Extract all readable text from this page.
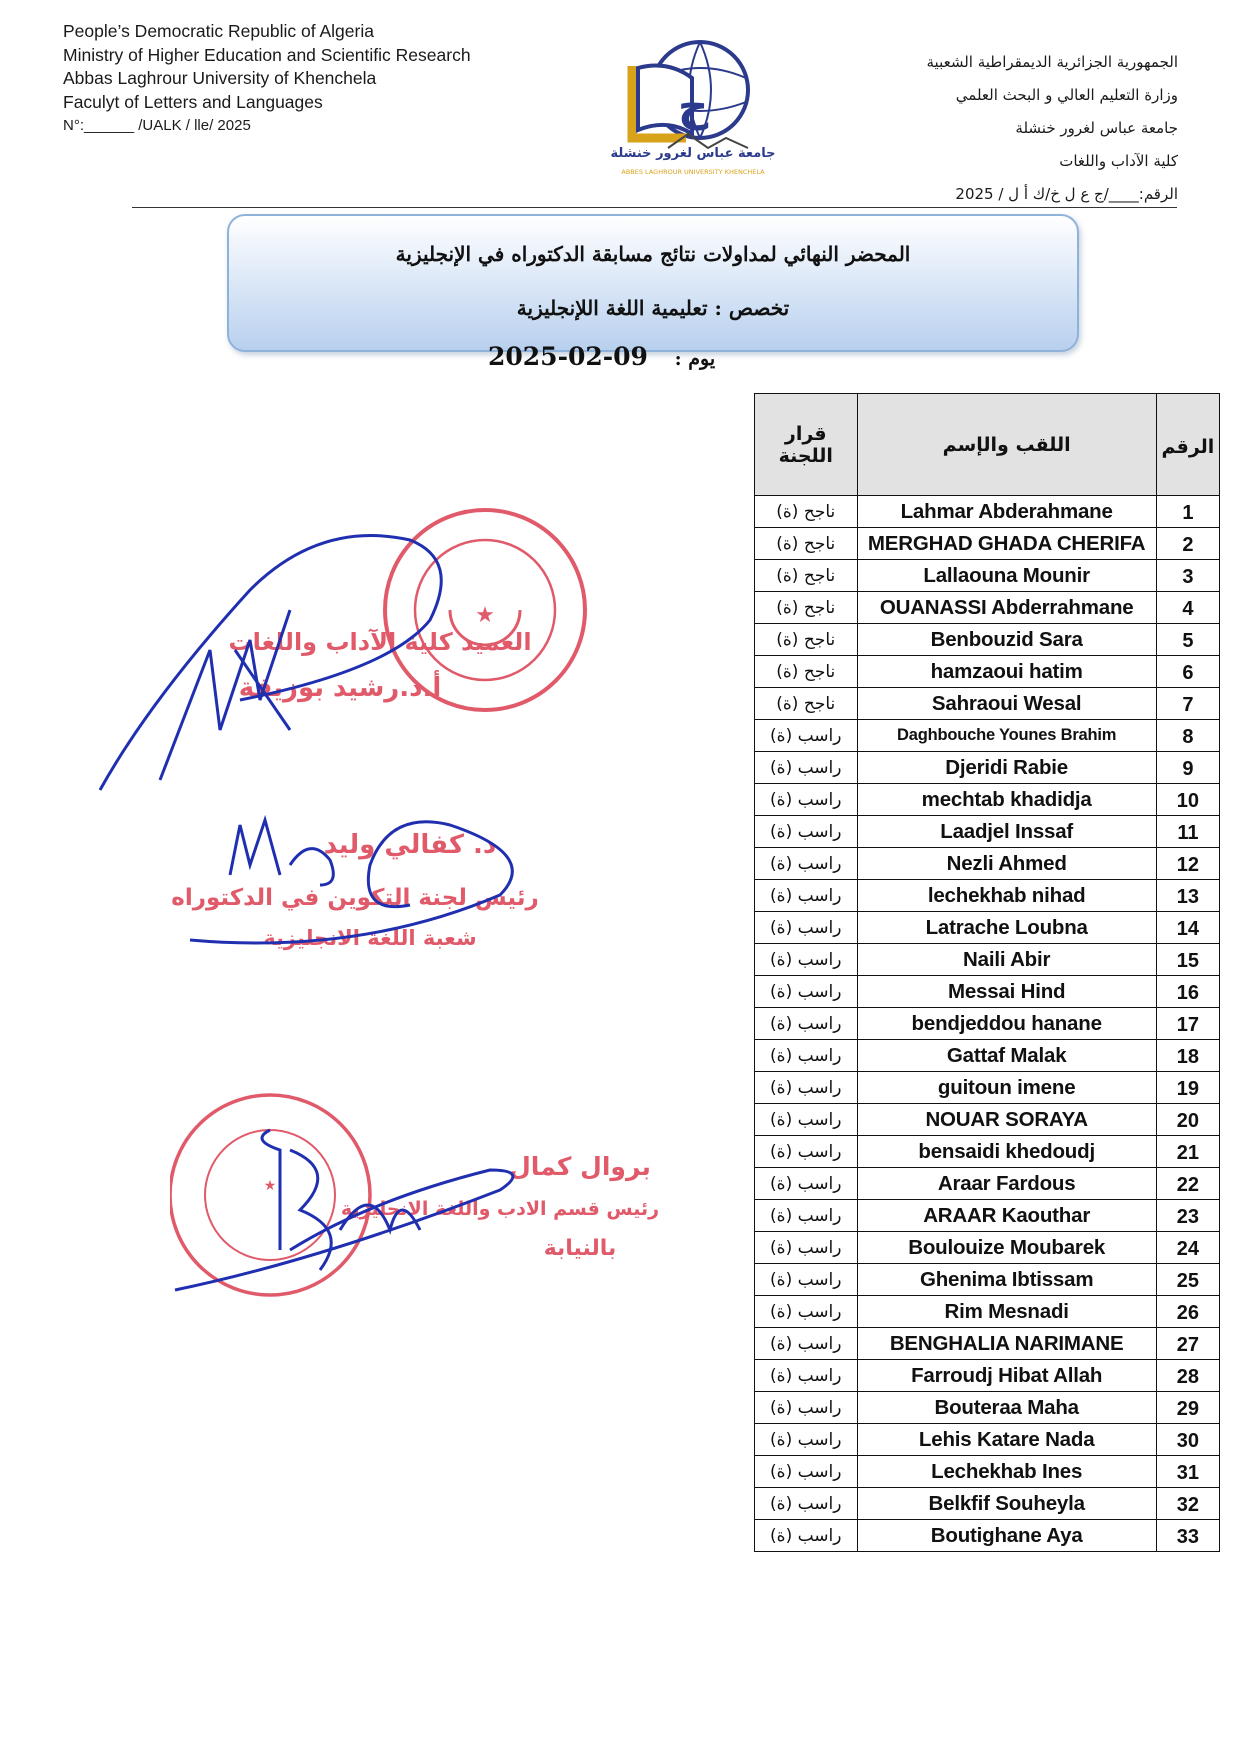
People’s Democratic Republic of Algeria
Ministry of Higher Education and Scientific Research
Abbas Laghrour University of Khenchela
Faculyt of Letters and Languages
N°:______ /UALK / lle/ 2025	خ
جامعة عباس لغرور خنشلة
ABBES LAGHROUR UNIVERSITY KHENCHELA
الجمهورية الجزائرية الديمقراطية الشعبية
وزارة التعليم العالي و البحث العلمي
جامعة عباس لغرور خنشلة
كلية الآداب واللغات
الرقم:____/ج ع ل خ/ك أ ل / 2025
المحضر النهائي لمداولات نتائج مسابقة الدكتوراه في الإنجليزية
تخصص : تعليمية اللغة اللإنجليزية
2025-02-09 يوم :
قرار اللجنة	اللقب والإسم	الرقم
ناجح (ة)	Lahmar Abderahmane	1
ناجح (ة)	MERGHAD GHADA CHERIFA	2
ناجح (ة)	Lallaouna Mounir	3
ناجح (ة)	OUANASSI Abderrahmane	4
ناجح (ة)	Benbouzid Sara	5
ناجح (ة)	hamzaoui hatim	6
ناجح (ة)	Sahraoui Wesal	7
راسب (ة)	Daghbouche Younes Brahim	8
راسب (ة)	Djeridi Rabie	9
راسب (ة)	mechtab khadidja	10
راسب (ة)	Laadjel Inssaf	11
راسب (ة)	Nezli Ahmed	12
راسب (ة)	lechekhab nihad	13
راسب (ة)	Latrache Loubna	14
راسب (ة)	Naili Abir	15
راسب (ة)	Messai Hind	16
راسب (ة)	bendjeddou hanane	17
راسب (ة)	Gattaf Malak	18
راسب (ة)	guitoun imene	19
راسب (ة)	NOUAR SORAYA	20
راسب (ة)	bensaidi khedoudj	21
راسب (ة)	Araar Fardous	22
راسب (ة)	ARAAR Kaouthar	23
راسب (ة)	Boulouize Moubarek	24
راسب (ة)	Ghenima Ibtissam	25
راسب (ة)	Rim Mesnadi	26
راسب (ة)	BENGHALIA NARIMANE	27
راسب (ة)	Farroudj Hibat Allah	28
راسب (ة)	Bouteraa Maha	29
راسب (ة)	Lehis Katare Nada	30
راسب (ة)	Lechekhab Ines	31
راسب (ة)	Belkfif Souheyla	32
راسب (ة)	Boutighane Aya	33
★
العميد كلية الآداب واللغات
أ.د.رشيد بوزيفة
د. كفالي وليد
رئيس لجنة التكوين في الدكتوراه
شعبة اللغة الانجليزية
★
بروال كمال
رئيس قسم الادب واللغة الانجليزية
بالنيابة
